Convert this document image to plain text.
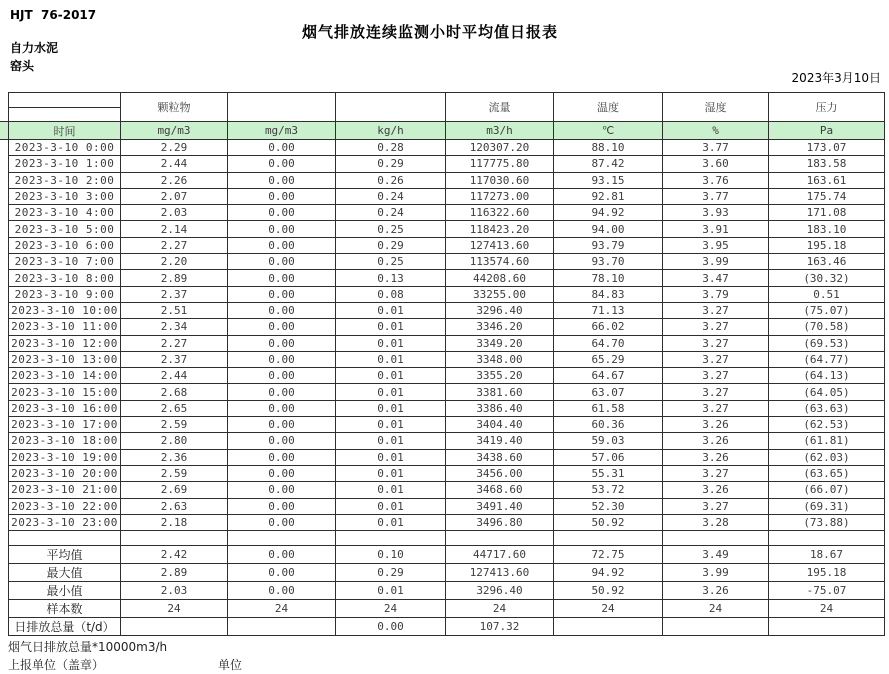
HJT  76-2017
烟气排放连续监测小时平均值日报表
自力水泥
窑头
2023年3月10日
	颗粒物			流量	温度	湿度	压力

时间	mg/m3	mg/m3	kg/h	m3/h	℃	%	Pa
2023-3-10 0:00	2.29	0.00	0.28	120307.20	88.10	3.77	173.07
2023-3-10 1:00	2.44	0.00	0.29	117775.80	87.42	3.60	183.58
2023-3-10 2:00	2.26	0.00	0.26	117030.60	93.15	3.76	163.61
2023-3-10 3:00	2.07	0.00	0.24	117273.00	92.81	3.77	175.74
2023-3-10 4:00	2.03	0.00	0.24	116322.60	94.92	3.93	171.08
2023-3-10 5:00	2.14	0.00	0.25	118423.20	94.00	3.91	183.10
2023-3-10 6:00	2.27	0.00	0.29	127413.60	93.79	3.95	195.18
2023-3-10 7:00	2.20	0.00	0.25	113574.60	93.70	3.99	163.46
2023-3-10 8:00	2.89	0.00	0.13	44208.60	78.10	3.47	(30.32)
2023-3-10 9:00	2.37	0.00	0.08	33255.00	84.83	3.79	0.51
2023-3-10 10:00	2.51	0.00	0.01	3296.40	71.13	3.27	(75.07)
2023-3-10 11:00	2.34	0.00	0.01	3346.20	66.02	3.27	(70.58)
2023-3-10 12:00	2.27	0.00	0.01	3349.20	64.70	3.27	(69.53)
2023-3-10 13:00	2.37	0.00	0.01	3348.00	65.29	3.27	(64.77)
2023-3-10 14:00	2.44	0.00	0.01	3355.20	64.67	3.27	(64.13)
2023-3-10 15:00	2.68	0.00	0.01	3381.60	63.07	3.27	(64.05)
2023-3-10 16:00	2.65	0.00	0.01	3386.40	61.58	3.27	(63.63)
2023-3-10 17:00	2.59	0.00	0.01	3404.40	60.36	3.26	(62.53)
2023-3-10 18:00	2.80	0.00	0.01	3419.40	59.03	3.26	(61.81)
2023-3-10 19:00	2.36	0.00	0.01	3438.60	57.06	3.26	(62.03)
2023-3-10 20:00	2.59	0.00	0.01	3456.00	55.31	3.27	(63.65)
2023-3-10 21:00	2.69	0.00	0.01	3468.60	53.72	3.26	(66.07)
2023-3-10 22:00	2.63	0.00	0.01	3491.40	52.30	3.27	(69.31)
2023-3-10 23:00	2.18	0.00	0.01	3496.80	50.92	3.28	(73.88)

平均值	2.42	0.00	0.10	44717.60	72.75	3.49	18.67
最大值	2.89	0.00	0.29	127413.60	94.92	3.99	195.18
最小值	2.03	0.00	0.01	3296.40	50.92	3.26	-75.07
样本数	24	24	24	24	24	24	24
日排放总量（t/d）			0.00	107.32			
烟气日排放总量*10000m3/h
上报单位（盖章）	单位
